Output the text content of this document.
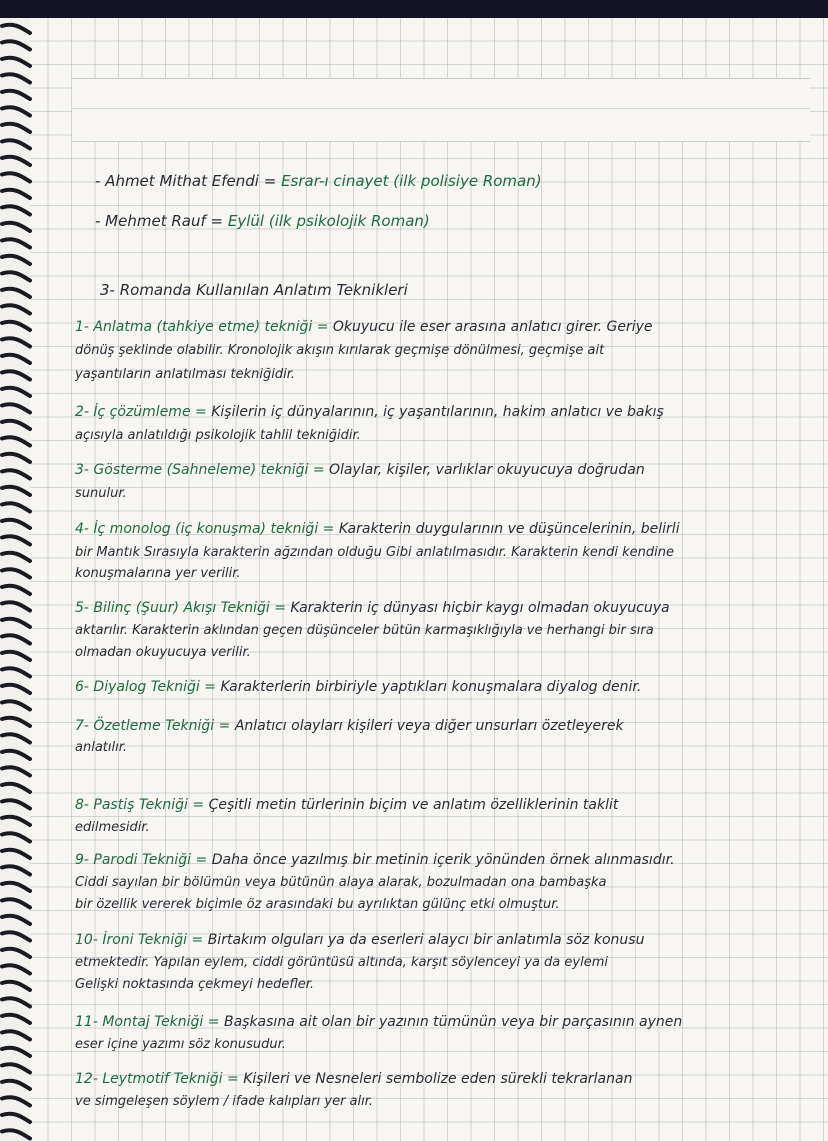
- Ahmet Mithat Efendi = Esrar-ı cinayet (ilk polisiye Roman)
- Mehmet Rauf = Eylül (ilk psikolojik Roman)
3- Romanda Kullanılan Anlatım Teknikleri
1- Anlatma (tahkiye etme) tekniği = Okuyucu ile eser arasına anlatıcı girer. Geriye
dönüş şeklinde olabilir. Kronolojik akışın kırılarak geçmişe dönülmesi, geçmişe ait
yaşantıların anlatılması tekniğidir.
2- İç çözümleme = Kişilerin iç dünyalarının, iç yaşantılarının, hakim anlatıcı ve bakış
açısıyla anlatıldığı psikolojik tahlil tekniğidir.
3- Gösterme (Sahneleme) tekniği = Olaylar, kişiler, varlıklar okuyucuya doğrudan
sunulur.
4- İç monolog (iç konuşma) tekniği = Karakterin duygularının ve düşüncelerinin, belirli
bir Mantık Sırasıyla karakterin ağzından olduğu Gibi anlatılmasıdır. Karakterin kendi kendine
konuşmalarına yer verilir.
5- Bilinç (Şuur) Akışı Tekniği = Karakterin iç dünyası hiçbir kaygı olmadan okuyucuya
aktarılır. Karakterin aklından geçen düşünceler bütün karmaşıklığıyla ve herhangi bir sıra
olmadan okuyucuya verilir.
6- Diyalog Tekniği = Karakterlerin birbiriyle yaptıkları konuşmalara diyalog denir.
7- Özetleme Tekniği = Anlatıcı olayları kişileri veya diğer unsurları özetleyerek
anlatılır.
8- Pastiş Tekniği = Çeşitli metin türlerinin biçim ve anlatım özelliklerinin taklit
edilmesidir.
9- Parodi Tekniği = Daha önce yazılmış bir metinin içerik yönünden örnek alınmasıdır.
Ciddi sayılan bir bölümün veya bütünün alaya alarak, bozulmadan ona bambaşka
bir özellik vererek biçimle öz arasındaki bu ayrılıktan gülünç etki olmuştur.
10- İroni Tekniği = Birtakım olguları ya da eserleri alaycı bir anlatımla söz konusu
etmektedir. Yapılan eylem, ciddi görüntüsü altında, karşıt söylenceyi ya da eylemi
Gelişki noktasında çekmeyi hedefler.
11- Montaj Tekniği = Başkasına ait olan bir yazının tümünün veya bir parçasının aynen
eser içine yazımı söz konusudur.
12- Leytmotif Tekniği = Kişileri ve Nesneleri sembolize eden sürekli tekrarlanan
ve simgeleşen söylem / ifade kalıpları yer alır.
